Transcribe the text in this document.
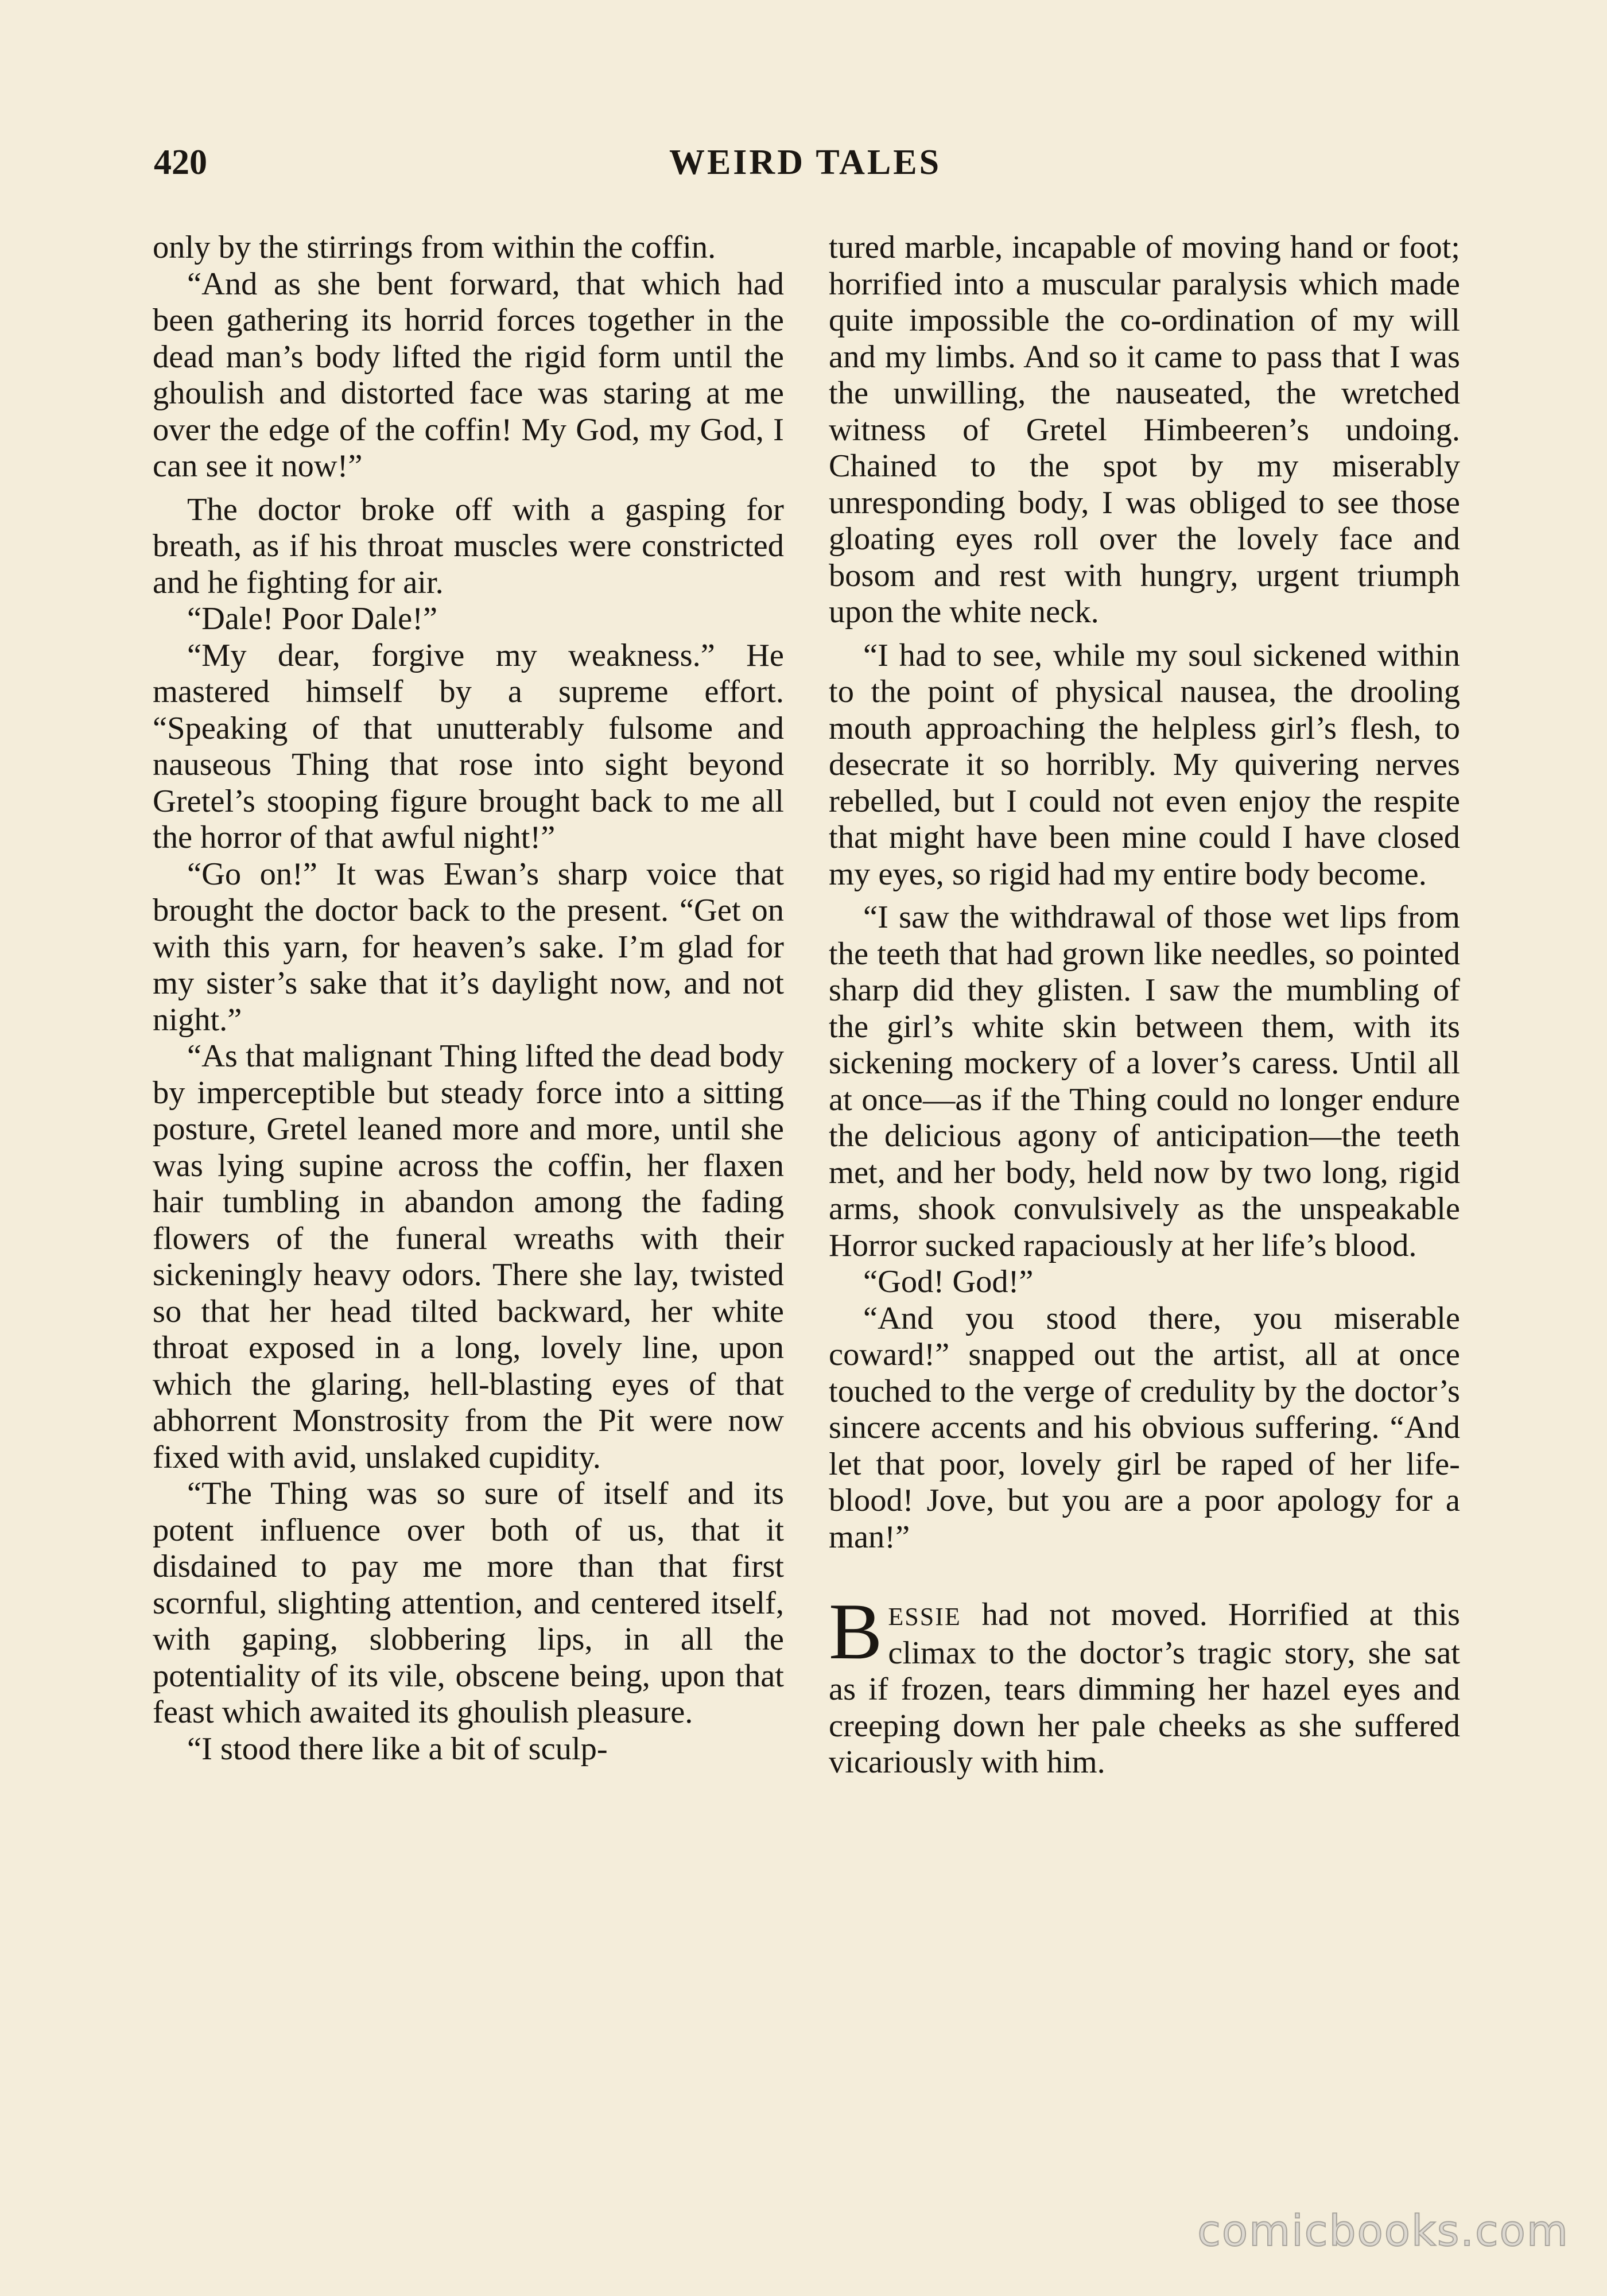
420	WEIRD TALES

only by the stirrings from within the coffin.

“And as she bent forward, that which had been gathering its horrid forces together in the dead man’s body lifted the rigid form until the ghoulish and distorted face was staring at me over the edge of the coffin! My God, my God, I can see it now!”

The doctor broke off with a gasping for breath, as if his throat muscles were constricted and he fighting for air.

“Dale! Poor Dale!”

“My dear, forgive my weakness.” He mastered himself by a supreme effort. “Speaking of that unutterably fulsome and nauseous Thing that rose into sight beyond Gretel’s stooping figure brought back to me all the horror of that awful night!”

“Go on!” It was Ewan’s sharp voice that brought the doctor back to the present. “Get on with this yarn, for heaven’s sake. I’m glad for my sister’s sake that it’s daylight now, and not night.”

“As that malignant Thing lifted the dead body by imperceptible but steady force into a sitting posture, Gretel leaned more and more, until she was lying supine across the coffin, her flaxen hair tumbling in abandon among the fading flowers of the funeral wreaths with their sickeningly heavy odors. There she lay, twisted so that her head tilted backward, her white throat exposed in a long, lovely line, upon which the glaring, hell-blasting eyes of that abhorrent Monstrosity from the Pit were now fixed with avid, unslaked cupidity.

“The Thing was so sure of itself and its potent influence over both of us, that it disdained to pay me more than that first scornful, slighting attention, and centered itself, with gaping, slobbering lips, in all the potentiality of its vile, obscene being, upon that feast which awaited its ghoulish pleasure.

“I stood there like a bit of sculp-

tured marble, incapable of moving hand or foot; horrified into a muscular paralysis which made quite impossible the co-ordination of my will and my limbs. And so it came to pass that I was the unwilling, the nauseated, the wretched witness of Gretel Himbeeren’s undoing. Chained to the spot by my miserably unresponding body, I was obliged to see those gloating eyes roll over the lovely face and bosom and rest with hungry, urgent triumph upon the white neck.

“I had to see, while my soul sickened within to the point of physical nausea, the drooling mouth approaching the helpless girl’s flesh, to desecrate it so horribly. My quivering nerves rebelled, but I could not even enjoy the respite that might have been mine could I have closed my eyes, so rigid had my entire body become.

“I saw the withdrawal of those wet lips from the teeth that had grown like needles, so pointed sharp did they glisten. I saw the mumbling of the girl’s white skin between them, with its sickening mockery of a lover’s caress. Until all at once—as if the Thing could no longer endure the delicious agony of anticipation—the teeth met, and her body, held now by two long, rigid arms, shook convulsively as the unspeakable Horror sucked rapaciously at her life’s blood.

“God! God!”

“And you stood there, you miserable coward!” snapped out the artist, all at once touched to the verge of credulity by the doctor’s sincere accents and his obvious suffering. “And let that poor, lovely girl be raped of her life-blood! Jove, but you are a poor apology for a man!”

BESSIE had not moved. Horrified at this climax to the doctor’s tragic story, she sat as if frozen, tears dimming her hazel eyes and creeping down her pale cheeks as she suffered vicariously with him.

comicbooks.com
